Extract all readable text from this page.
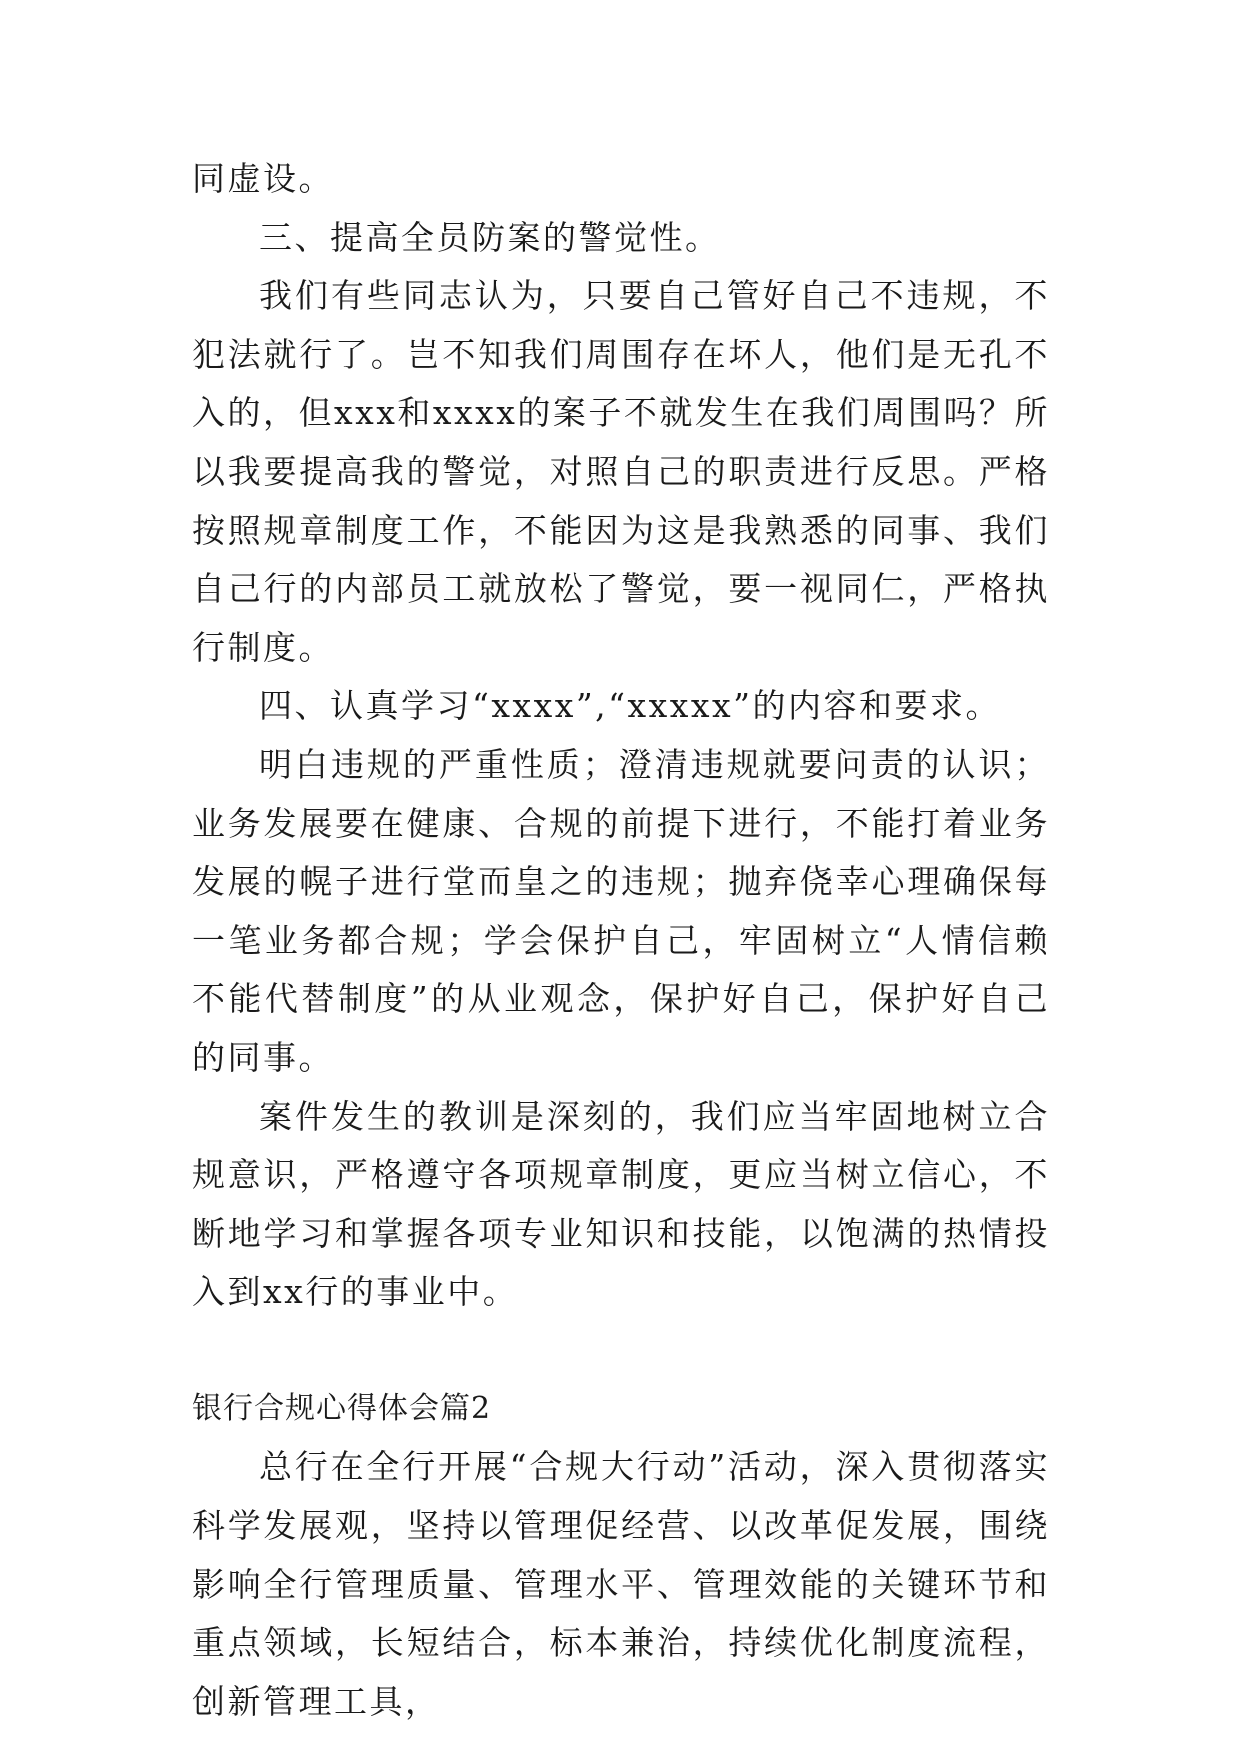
同虚设。

三、提高全员防案的警觉性。

我们有些同志认为，只要自己管好自己不违规，不犯法就行了。岂不知我们周围存在坏人，他们是无孔不入的，但xxx和xxxx的案子不就发生在我们周围吗？所以我要提高我的警觉，对照自己的职责进行反思。严格按照规章制度工作，不能因为这是我熟悉的同事、我们自己行的内部员工就放松了警觉，要一视同仁，严格执行制度。

四、认真学习“xxxx”,“xxxxx”的内容和要求。

明白违规的严重性质；澄清违规就要问责的认识；业务发展要在健康、合规的前提下进行，不能打着业务发展的幌子进行堂而皇之的违规；抛弃侥幸心理确保每一笔业务都合规；学会保护自己，牢固树立“人情信赖不能代替制度”的从业观念，保护好自己，保护好自己的同事。

案件发生的教训是深刻的，我们应当牢固地树立合规意识，严格遵守各项规章制度，更应当树立信心，不断地学习和掌握各项专业知识和技能，以饱满的热情投入到xx行的事业中。

银行合规心得体会篇2

总行在全行开展“合规大行动”活动，深入贯彻落实科学发展观，坚持以管理促经营、以改革促发展，围绕影响全行管理质量、管理水平、管理效能的关键环节和重点领域，长短结合，标本兼治，持续优化制度流程，创新管理工具，
